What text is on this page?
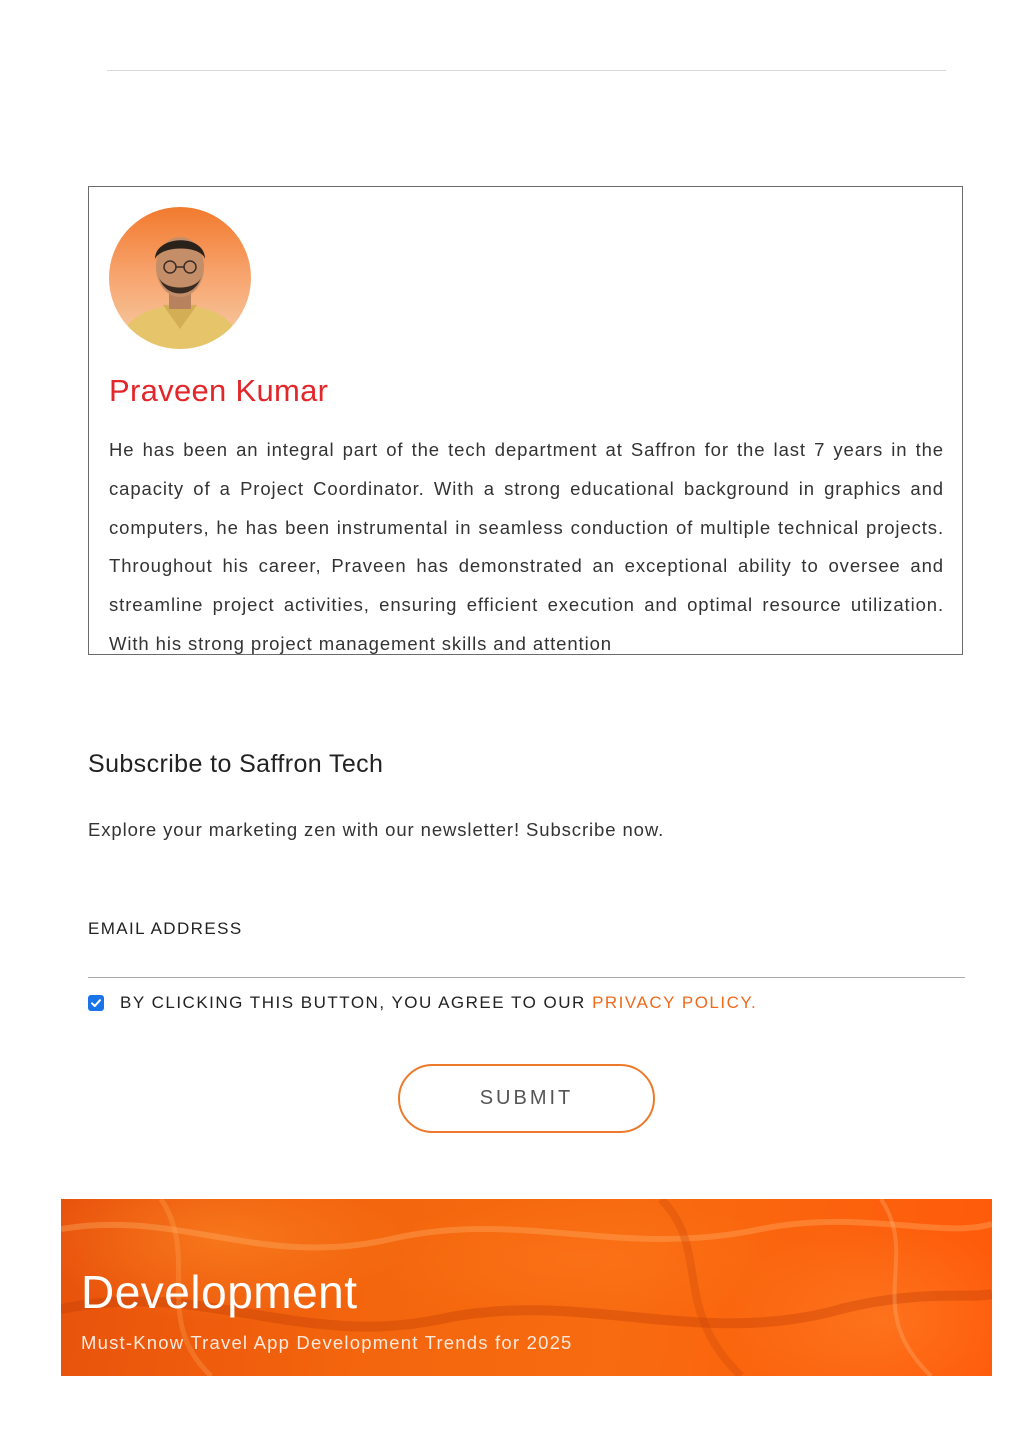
Praveen Kumar

He has been an integral part of the tech department at Saffron for the last 7 years in the capacity of a Project Coordinator. With a strong educational background in graphics and computers, he has been instrumental in seamless conduction of multiple technical projects. Throughout his career, Praveen has demonstrated an exceptional ability to oversee and streamline project activities, ensuring efficient execution and optimal resource utilization. With his strong project management skills and attention

Subscribe to Saffron Tech

Explore your marketing zen with our newsletter! Subscribe now.

EMAIL ADDRESS
BY CLICKING THIS BUTTON, YOU AGREE TO OUR PRIVACY POLICY.
SUBMIT
Development
Must-Know Travel App Development Trends for 2025
